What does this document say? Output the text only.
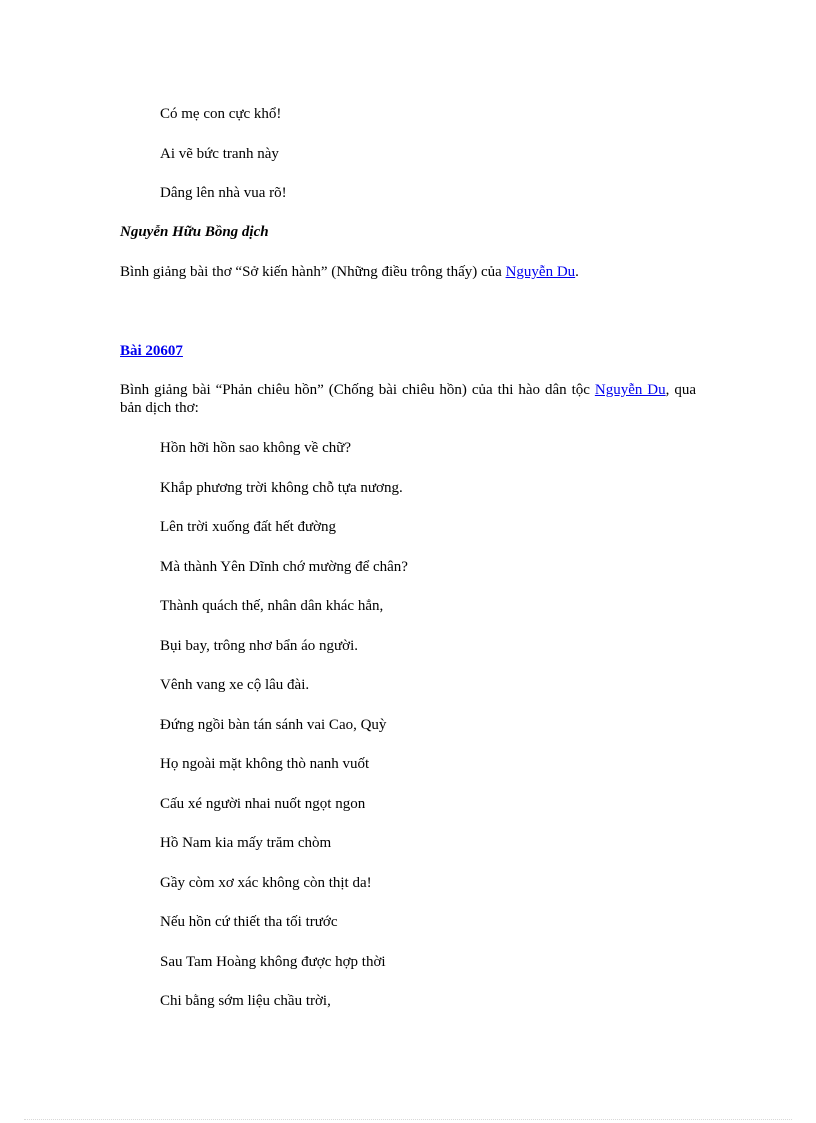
Có mẹ con cực khổ!
Ai vẽ bức tranh này
Dâng lên nhà vua rõ!
Nguyễn Hữu Bồng dịch
Bình giảng bài thơ “Sở kiến hành” (Những điều trông thấy) của Nguyễn Du.
Bài 20607
Bình giảng bài “Phản chiêu hồn” (Chống bài chiêu hồn) của thi hào dân tộc Nguyễn Du, qua bản dịch thơ:
Hồn hỡi hồn sao không về chữ?
Khắp phương trời không chỗ tựa nương.
Lên trời xuống đất hết đường
Mà thành Yên Dĩnh chớ mường để chân?
Thành quách thế, nhân dân khác hẳn,
Bụi bay, trông nhơ bẩn áo người.
Vênh vang xe cộ lâu đài.
Đứng ngồi bàn tán sánh vai Cao, Quỳ
Họ ngoài mặt không thò nanh vuốt
Cấu xé người nhai nuốt ngọt ngon
Hồ Nam kia mấy trăm chòm
Gầy còm xơ xác không còn thịt da!
Nếu hồn cứ thiết tha tối trước
Sau Tam Hoàng không được hợp thời
Chi bằng sớm liệu chầu trời,
